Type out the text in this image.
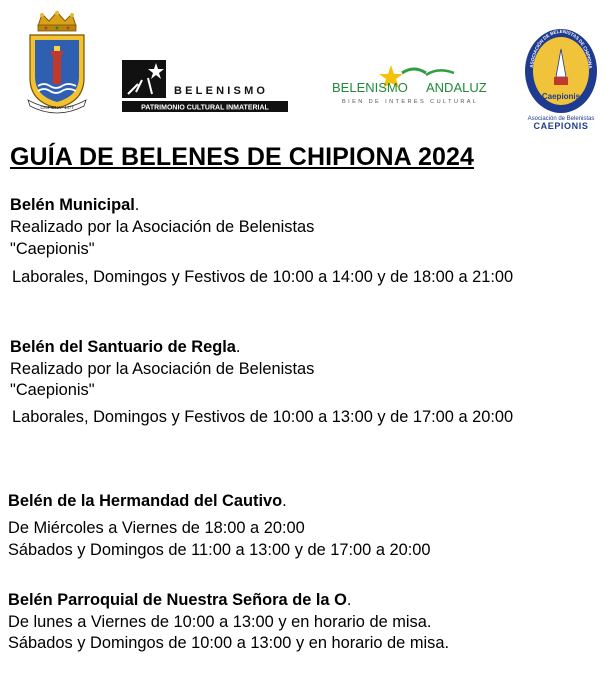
CHIPIONA · 1477
BELENISMO
PATRIMONIO CULTURAL INMATERIAL
BELENISMO ANDALUZ
BIEN DE INTERES CULTURAL
ASOCIACIÓN DE BELENISTAS DE CHIPIONA
Caepionis
Asociación de Belenistas
CAEPIONIS
GUÍA DE BELENES DE CHIPIONA 2024
Belén Municipal.
Realizado por la Asociación de Belenistas
"Caepionis"
Laborales, Domingos y Festivos de 10:00 a 14:00 y de 18:00 a 21:00
Belén del Santuario de Regla.
Realizado por la Asociación de Belenistas
"Caepionis"
Laborales, Domingos y Festivos de 10:00 a 13:00 y de 17:00 a 20:00
Belén de la Hermandad del Cautivo.
De Miércoles a Viernes de 18:00 a 20:00
Sábados y Domingos de 11:00 a 13:00 y de 17:00 a 20:00
Belén Parroquial de Nuestra Señora de la O.
De lunes a Viernes de 10:00 a 13:00 y en horario de misa.
Sábados y Domingos de 10:00 a 13:00 y en horario de misa.
